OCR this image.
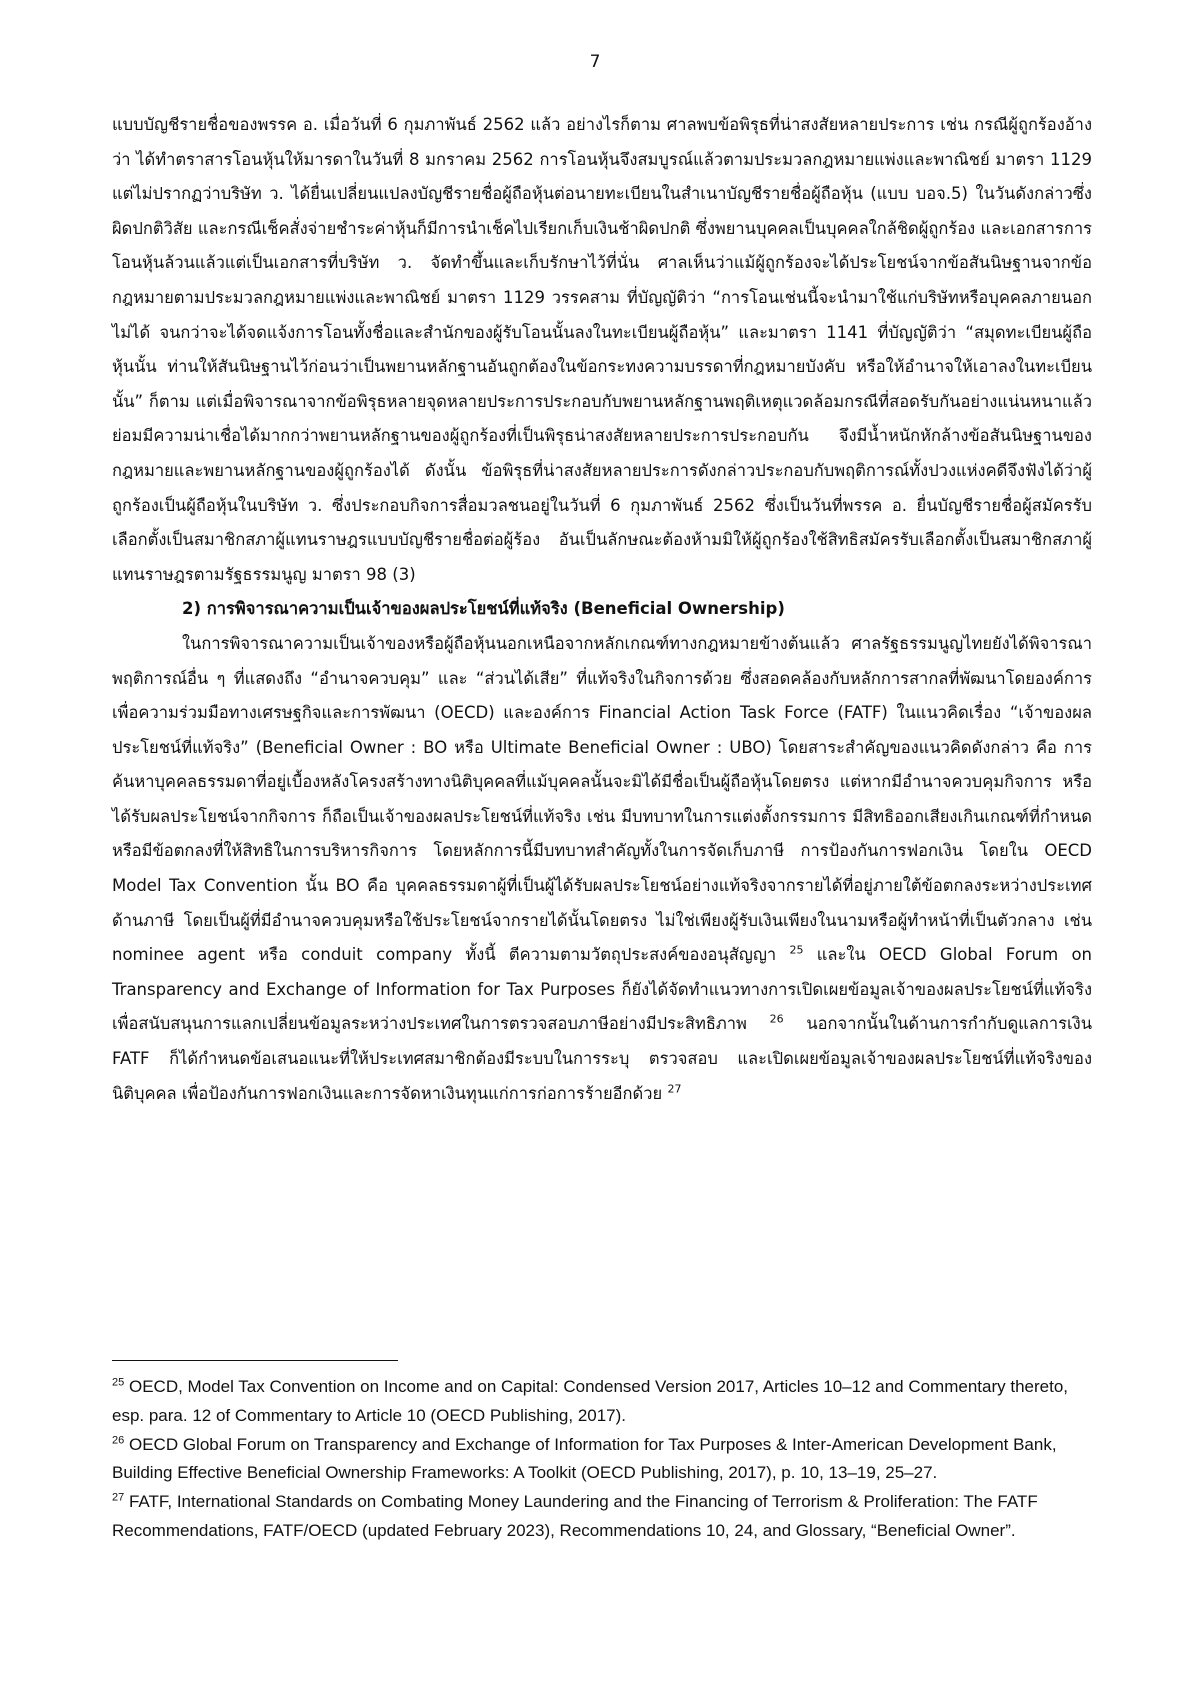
7

แบบบัญชีรายชื่อของพรรค อ. เมื่อวันที่ 6 กุมภาพันธ์ 2562 แล้ว อย่างไรก็ตาม ศาลพบข้อพิรุธที่น่าสงสัยหลายประการ เช่น กรณีผู้ถูกร้องอ้างว่า ได้ทำตราสารโอนหุ้นให้มารดาในวันที่ 8 มกราคม 2562 การโอนหุ้นจึงสมบูรณ์แล้วตามประมวลกฎหมายแพ่งและพาณิชย์ มาตรา 1129 แต่ไม่ปรากฏว่าบริษัท ว. ได้ยื่นเปลี่ยนแปลงบัญชีรายชื่อผู้ถือหุ้นต่อนายทะเบียนในสำเนาบัญชีรายชื่อผู้ถือหุ้น (แบบ บอจ.5) ในวันดังกล่าวซึ่งผิดปกติวิสัย และกรณีเช็คสั่งจ่ายชำระค่าหุ้นก็มีการนำเช็คไปเรียกเก็บเงินช้าผิดปกติ ซึ่งพยานบุคคลเป็นบุคคลใกล้ชิดผู้ถูกร้อง และเอกสารการโอนหุ้นล้วนแล้วแต่เป็นเอกสารที่บริษัท ว. จัดทำขึ้นและเก็บรักษาไว้ที่นั่น ศาลเห็นว่าแม้ผู้ถูกร้องจะได้ประโยชน์จากข้อสันนิษฐานจากข้อกฎหมายตามประมวลกฎหมายแพ่งและพาณิชย์ มาตรา 1129 วรรคสาม ที่บัญญัติว่า “การโอนเช่นนี้จะนำมาใช้แก่บริษัทหรือบุคคลภายนอกไม่ได้ จนกว่าจะได้จดแจ้งการโอนทั้งชื่อและสำนักของผู้รับโอนนั้นลงในทะเบียนผู้ถือหุ้น” และมาตรา 1141 ที่บัญญัติว่า “สมุดทะเบียนผู้ถือหุ้นนั้น ท่านให้สันนิษฐานไว้ก่อนว่าเป็นพยานหลักฐานอันถูกต้องในข้อกระทงความบรรดาที่กฎหมายบังคับ หรือให้อำนาจให้เอาลงในทะเบียนนั้น” ก็ตาม แต่เมื่อพิจารณาจากข้อพิรุธหลายจุดหลายประการประกอบกับพยานหลักฐานพฤติเหตุแวดล้อมกรณีที่สอดรับกันอย่างแน่นหนาแล้ว ย่อมมีความน่าเชื่อได้มากกว่าพยานหลักฐานของผู้ถูกร้องที่เป็นพิรุธน่าสงสัยหลายประการประกอบกัน จึงมีน้ำหนักหักล้างข้อสันนิษฐานของกฎหมายและพยานหลักฐานของผู้ถูกร้องได้ ดังนั้น ข้อพิรุธที่น่าสงสัยหลายประการดังกล่าวประกอบกับพฤติการณ์ทั้งปวงแห่งคดีจึงฟังได้ว่าผู้ถูกร้องเป็นผู้ถือหุ้นในบริษัท ว. ซึ่งประกอบกิจการสื่อมวลชนอยู่ในวันที่ 6 กุมภาพันธ์ 2562 ซึ่งเป็นวันที่พรรค อ. ยื่นบัญชีรายชื่อผู้สมัครรับเลือกตั้งเป็นสมาชิกสภาผู้แทนราษฎรแบบบัญชีรายชื่อต่อผู้ร้อง อันเป็นลักษณะต้องห้ามมิให้ผู้ถูกร้องใช้สิทธิสมัครรับเลือกตั้งเป็นสมาชิกสภาผู้แทนราษฎรตามรัฐธรรมนูญ มาตรา 98 (3)

2) การพิจารณาความเป็นเจ้าของผลประโยชน์ที่แท้จริง (Beneficial Ownership)

ในการพิจารณาความเป็นเจ้าของหรือผู้ถือหุ้นนอกเหนือจากหลักเกณฑ์ทางกฎหมายข้างต้นแล้ว ศาลรัฐธรรมนูญไทยยังได้พิจารณาพฤติการณ์อื่น ๆ ที่แสดงถึง “อำนาจควบคุม” และ “ส่วนได้เสีย” ที่แท้จริงในกิจการด้วย ซึ่งสอดคล้องกับหลักการสากลที่พัฒนาโดยองค์การเพื่อความร่วมมือทางเศรษฐกิจและการพัฒนา (OECD) และองค์การ Financial Action Task Force (FATF) ในแนวคิดเรื่อง “เจ้าของผลประโยชน์ที่แท้จริง” (Beneficial Owner : BO หรือ Ultimate Beneficial Owner : UBO) โดยสาระสำคัญของแนวคิดดังกล่าว คือ การค้นหาบุคคลธรรมดาที่อยู่เบื้องหลังโครงสร้างทางนิติบุคคลที่แม้บุคคลนั้นจะมิได้มีชื่อเป็นผู้ถือหุ้นโดยตรง แต่หากมีอำนาจควบคุมกิจการ หรือได้รับผลประโยชน์จากกิจการ ก็ถือเป็นเจ้าของผลประโยชน์ที่แท้จริง เช่น มีบทบาทในการแต่งตั้งกรรมการ มีสิทธิออกเสียงเกินเกณฑ์ที่กำหนด หรือมีข้อตกลงที่ให้สิทธิในการบริหารกิจการ โดยหลักการนี้มีบทบาทสำคัญทั้งในการจัดเก็บภาษี การป้องกันการฟอกเงิน โดยใน OECD Model Tax Convention นั้น BO คือ บุคคลธรรมดาผู้ที่เป็นผู้ได้รับผลประโยชน์อย่างแท้จริงจากรายได้ที่อยู่ภายใต้ข้อตกลงระหว่างประเทศด้านภาษี โดยเป็นผู้ที่มีอำนาจควบคุมหรือใช้ประโยชน์จากรายได้นั้นโดยตรง ไม่ใช่เพียงผู้รับเงินเพียงในนามหรือผู้ทำหน้าที่เป็นตัวกลาง เช่น nominee agent หรือ conduit company ทั้งนี้ ตีความตามวัตถุประสงค์ของอนุสัญญา $^{25}$ และใน OECD Global Forum on Transparency and Exchange of Information for Tax Purposes ก็ยังได้จัดทำแนวทางการเปิดเผยข้อมูลเจ้าของผลประโยชน์ที่แท้จริง เพื่อสนับสนุนการแลกเปลี่ยนข้อมูลระหว่างประเทศในการตรวจสอบภาษีอย่างมีประสิทธิภาพ $^{26}$ นอกจากนั้นในด้านการกำกับดูแลการเงิน FATF ก็ได้กำหนดข้อเสนอแนะที่ให้ประเทศสมาชิกต้องมีระบบในการระบุ ตรวจสอบ และเปิดเผยข้อมูลเจ้าของผลประโยชน์ที่แท้จริงของนิติบุคคล เพื่อป้องกันการฟอกเงินและการจัดหาเงินทุนแก่การก่อการร้ายอีกด้วย $^{27}$

$^{25}$ OECD, Model Tax Convention on Income and on Capital: Condensed Version 2017, Articles 10–12 and Commentary thereto, esp. para. 12 of Commentary to Article 10 (OECD Publishing, 2017).

$^{26}$ OECD Global Forum on Transparency and Exchange of Information for Tax Purposes & Inter-American Development Bank, Building Effective Beneficial Ownership Frameworks: A Toolkit (OECD Publishing, 2017), p. 10, 13–19, 25–27.

$^{27}$ FATF, International Standards on Combating Money Laundering and the Financing of Terrorism & Proliferation: The FATF Recommendations, FATF/OECD (updated February 2023), Recommendations 10, 24, and Glossary, “Beneficial Owner”.
